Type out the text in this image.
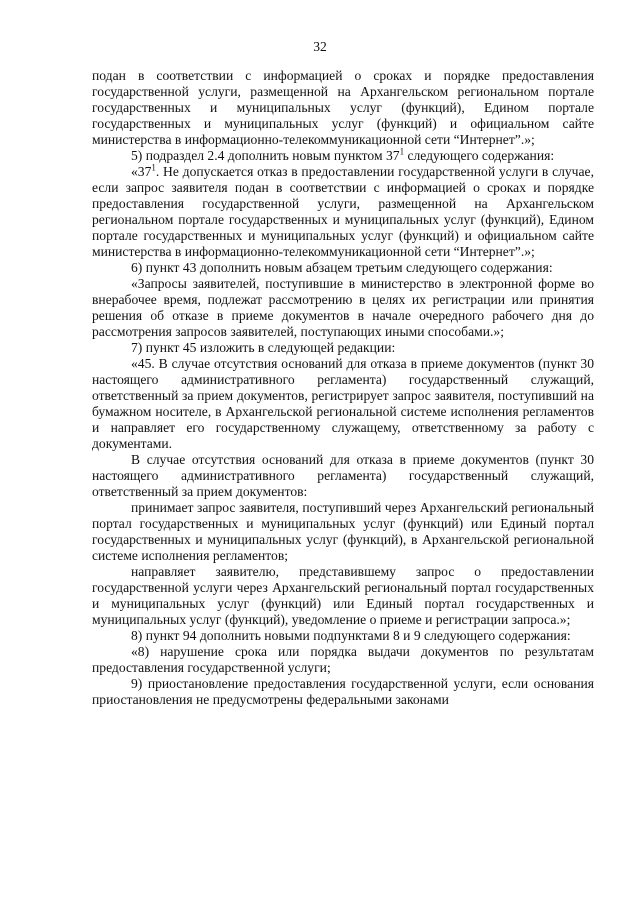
32

подан в соответствии с информацией о сроках и порядке предоставления государственной услуги, размещенной на Архангельском региональном портале государственных и муниципальных услуг (функций), Едином портале государственных и муниципальных услуг (функций) и официальном сайте министерства в информационно-телекоммуникационной сети “Интернет”.»;

5) подраздел 2.4 дополнить новым пунктом $37^1$ следующего содержания:

«$37^1$. Не допускается отказ в предоставлении государственной услуги в случае, если запрос заявителя подан в соответствии с информацией о сроках и порядке предоставления государственной услуги, размещенной на Архангельском региональном портале государственных и муниципальных услуг (функций), Едином портале государственных и муниципальных услуг (функций) и официальном сайте министерства в информационно-телекоммуникационной сети “Интернет”.»;

6) пункт 43 дополнить новым абзацем третьим следующего содержания:

«Запросы заявителей, поступившие в министерство в электронной форме во внерабочее время, подлежат рассмотрению в целях их регистрации или принятия решения об отказе в приеме документов в начале очередного рабочего дня до рассмотрения запросов заявителей, поступающих иными способами.»;

7) пункт 45 изложить в следующей редакции:

«45. В случае отсутствия оснований для отказа в приеме документов (пункт 30 настоящего административного регламента) государственный служащий, ответственный за прием документов, регистрирует запрос заявителя, поступивший на бумажном носителе, в Архангельской региональной системе исполнения регламентов и направляет его государственному служащему, ответственному за работу с документами.

В случае отсутствия оснований для отказа в приеме документов (пункт 30 настоящего административного регламента) государственный служащий, ответственный за прием документов:

принимает запрос заявителя, поступивший через Архангельский региональный портал государственных и муниципальных услуг (функций) или Единый портал государственных и муниципальных услуг (функций), в Архангельской региональной системе исполнения регламентов;

направляет заявителю, представившему запрос о предоставлении государственной услуги через Архангельский региональный портал государственных и муниципальных услуг (функций) или Единый портал государственных и муниципальных услуг (функций), уведомление о приеме и регистрации запроса.»;

8) пункт 94 дополнить новыми подпунктами 8 и 9 следующего содержания:

«8) нарушение срока или порядка выдачи документов по результатам предоставления государственной услуги;

9) приостановление предоставления государственной услуги, если основания приостановления не предусмотрены федеральными законами
